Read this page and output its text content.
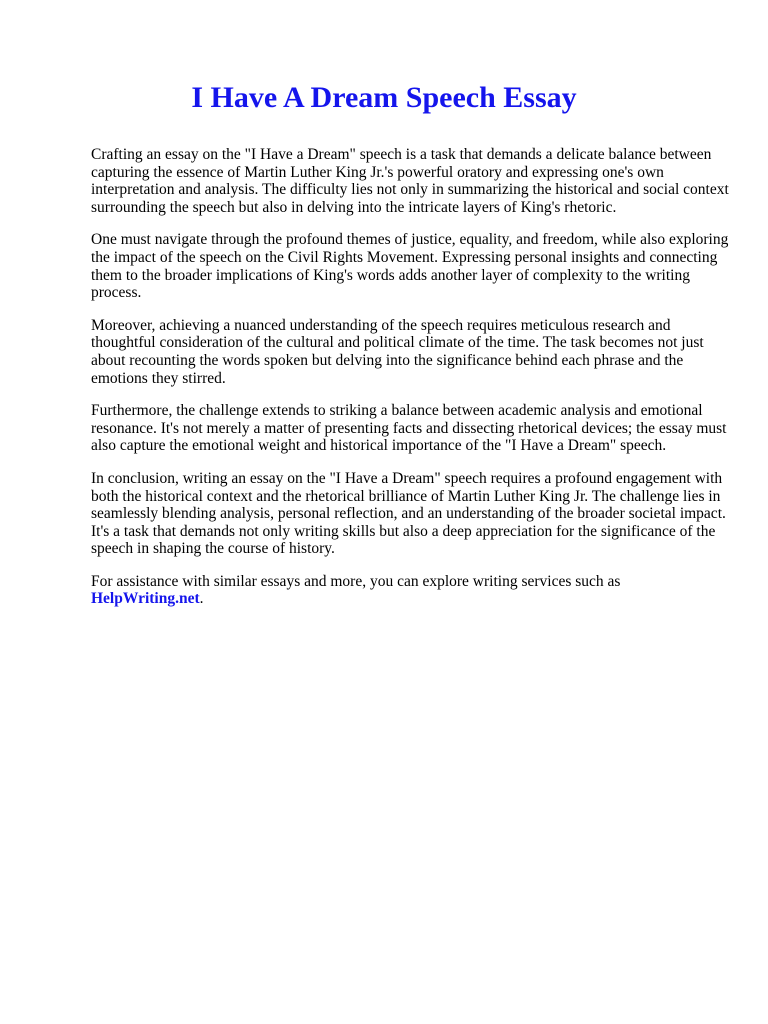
I Have A Dream Speech Essay

Crafting an essay on the "I Have a Dream" speech is a task that demands a delicate balance between capturing the essence of Martin Luther King Jr.'s powerful oratory and expressing one's own interpretation and analysis. The difficulty lies not only in summarizing the historical and social context surrounding the speech but also in delving into the intricate layers of King's rhetoric.

One must navigate through the profound themes of justice, equality, and freedom, while also exploring the impact of the speech on the Civil Rights Movement. Expressing personal insights and connecting them to the broader implications of King's words adds another layer of complexity to the writing process.

Moreover, achieving a nuanced understanding of the speech requires meticulous research and thoughtful consideration of the cultural and political climate of the time. The task becomes not just about recounting the words spoken but delving into the significance behind each phrase and the emotions they stirred.

Furthermore, the challenge extends to striking a balance between academic analysis and emotional resonance. It's not merely a matter of presenting facts and dissecting rhetorical devices; the essay must also capture the emotional weight and historical importance of the "I Have a Dream" speech.

In conclusion, writing an essay on the "I Have a Dream" speech requires a profound engagement with both the historical context and the rhetorical brilliance of Martin Luther King Jr. The challenge lies in seamlessly blending analysis, personal reflection, and an understanding of the broader societal impact. It's a task that demands not only writing skills but also a deep appreciation for the significance of the speech in shaping the course of history.

For assistance with similar essays and more, you can explore writing services such as
HelpWriting.net.
